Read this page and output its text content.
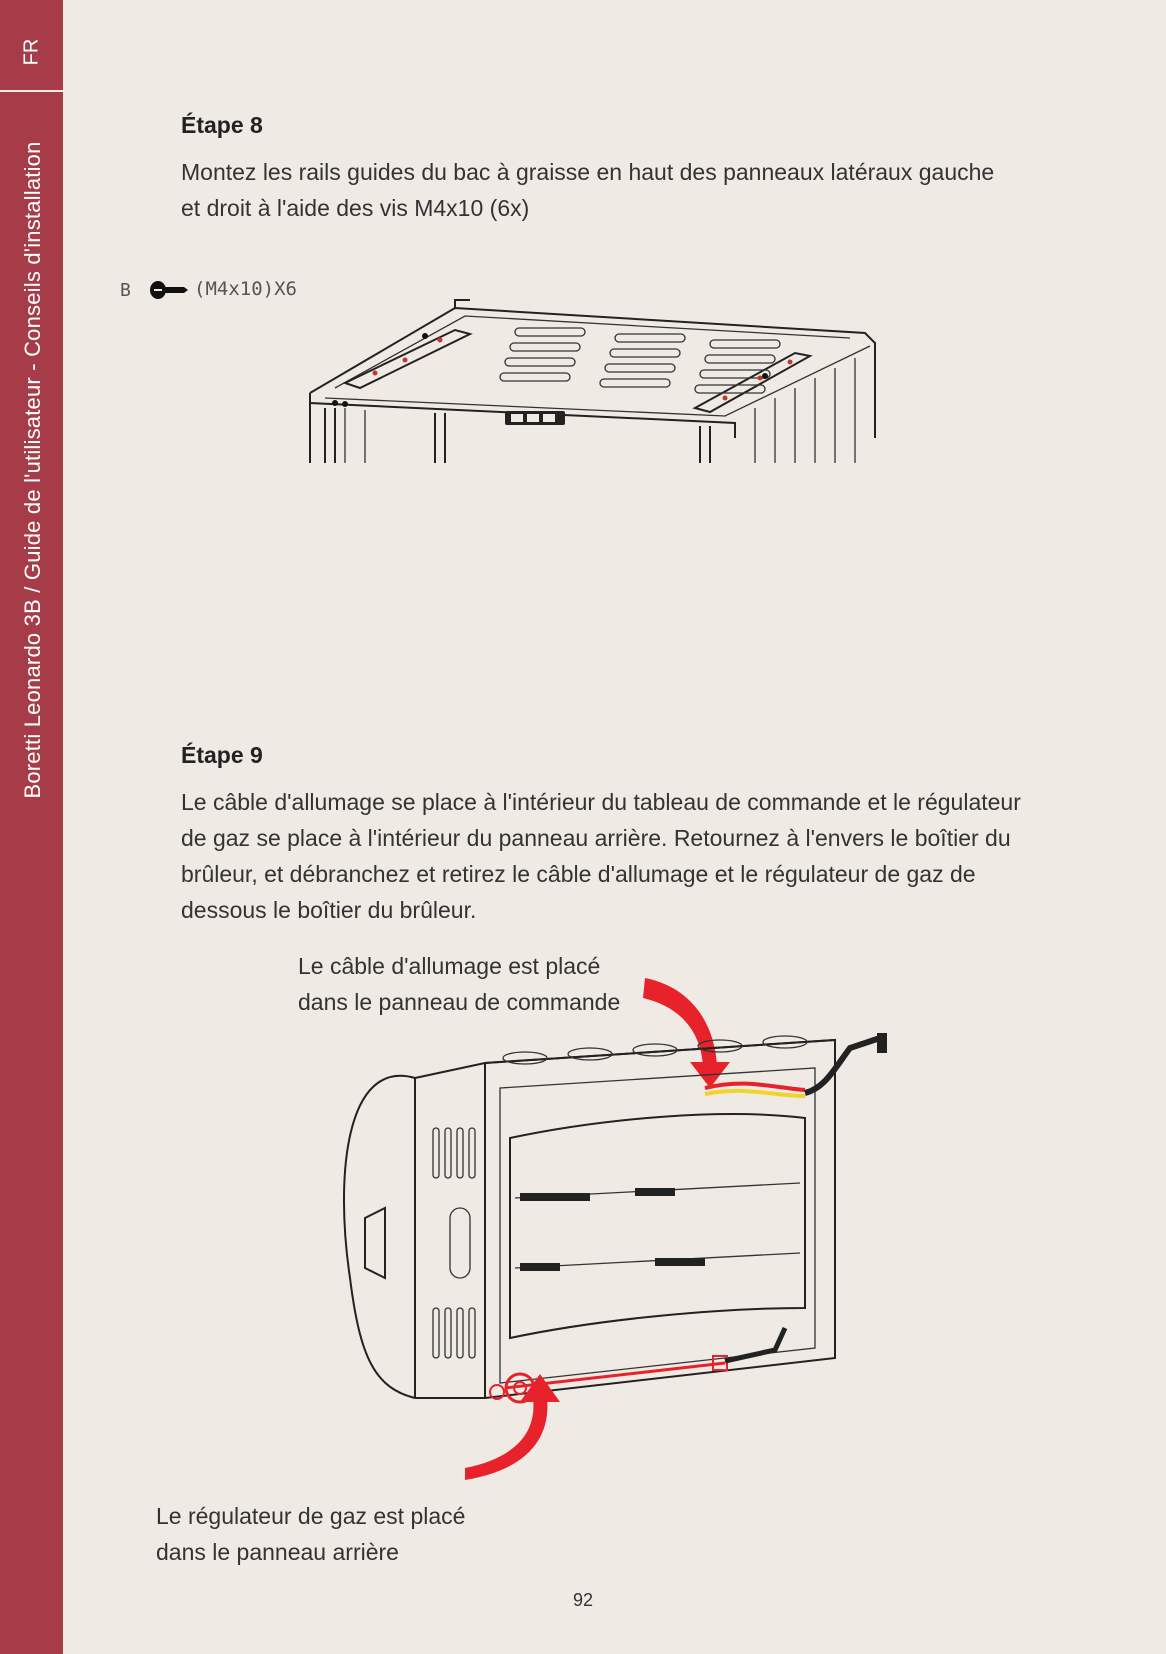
FR
Boretti Leonardo 3B / Guide de l'utilisateur - Conseils d'installation
Étape 8
Montez les rails guides du bac à graisse en haut des panneaux latéraux gauche
et droit à l'aide des vis M4x10 (6x)
B	(M4x10)X6
Étape 9
Le câble d'allumage se place à l'intérieur du tableau de commande et le régulateur
de gaz se place à l'intérieur du panneau arrière. Retournez à l'envers le boîtier du
brûleur, et débranchez et retirez le câble d'allumage et le régulateur de gaz de
dessous le boîtier du brûleur.
Le câble d'allumage est placé
dans le panneau de commande
Le régulateur de gaz est placé
dans le panneau arrière
92
